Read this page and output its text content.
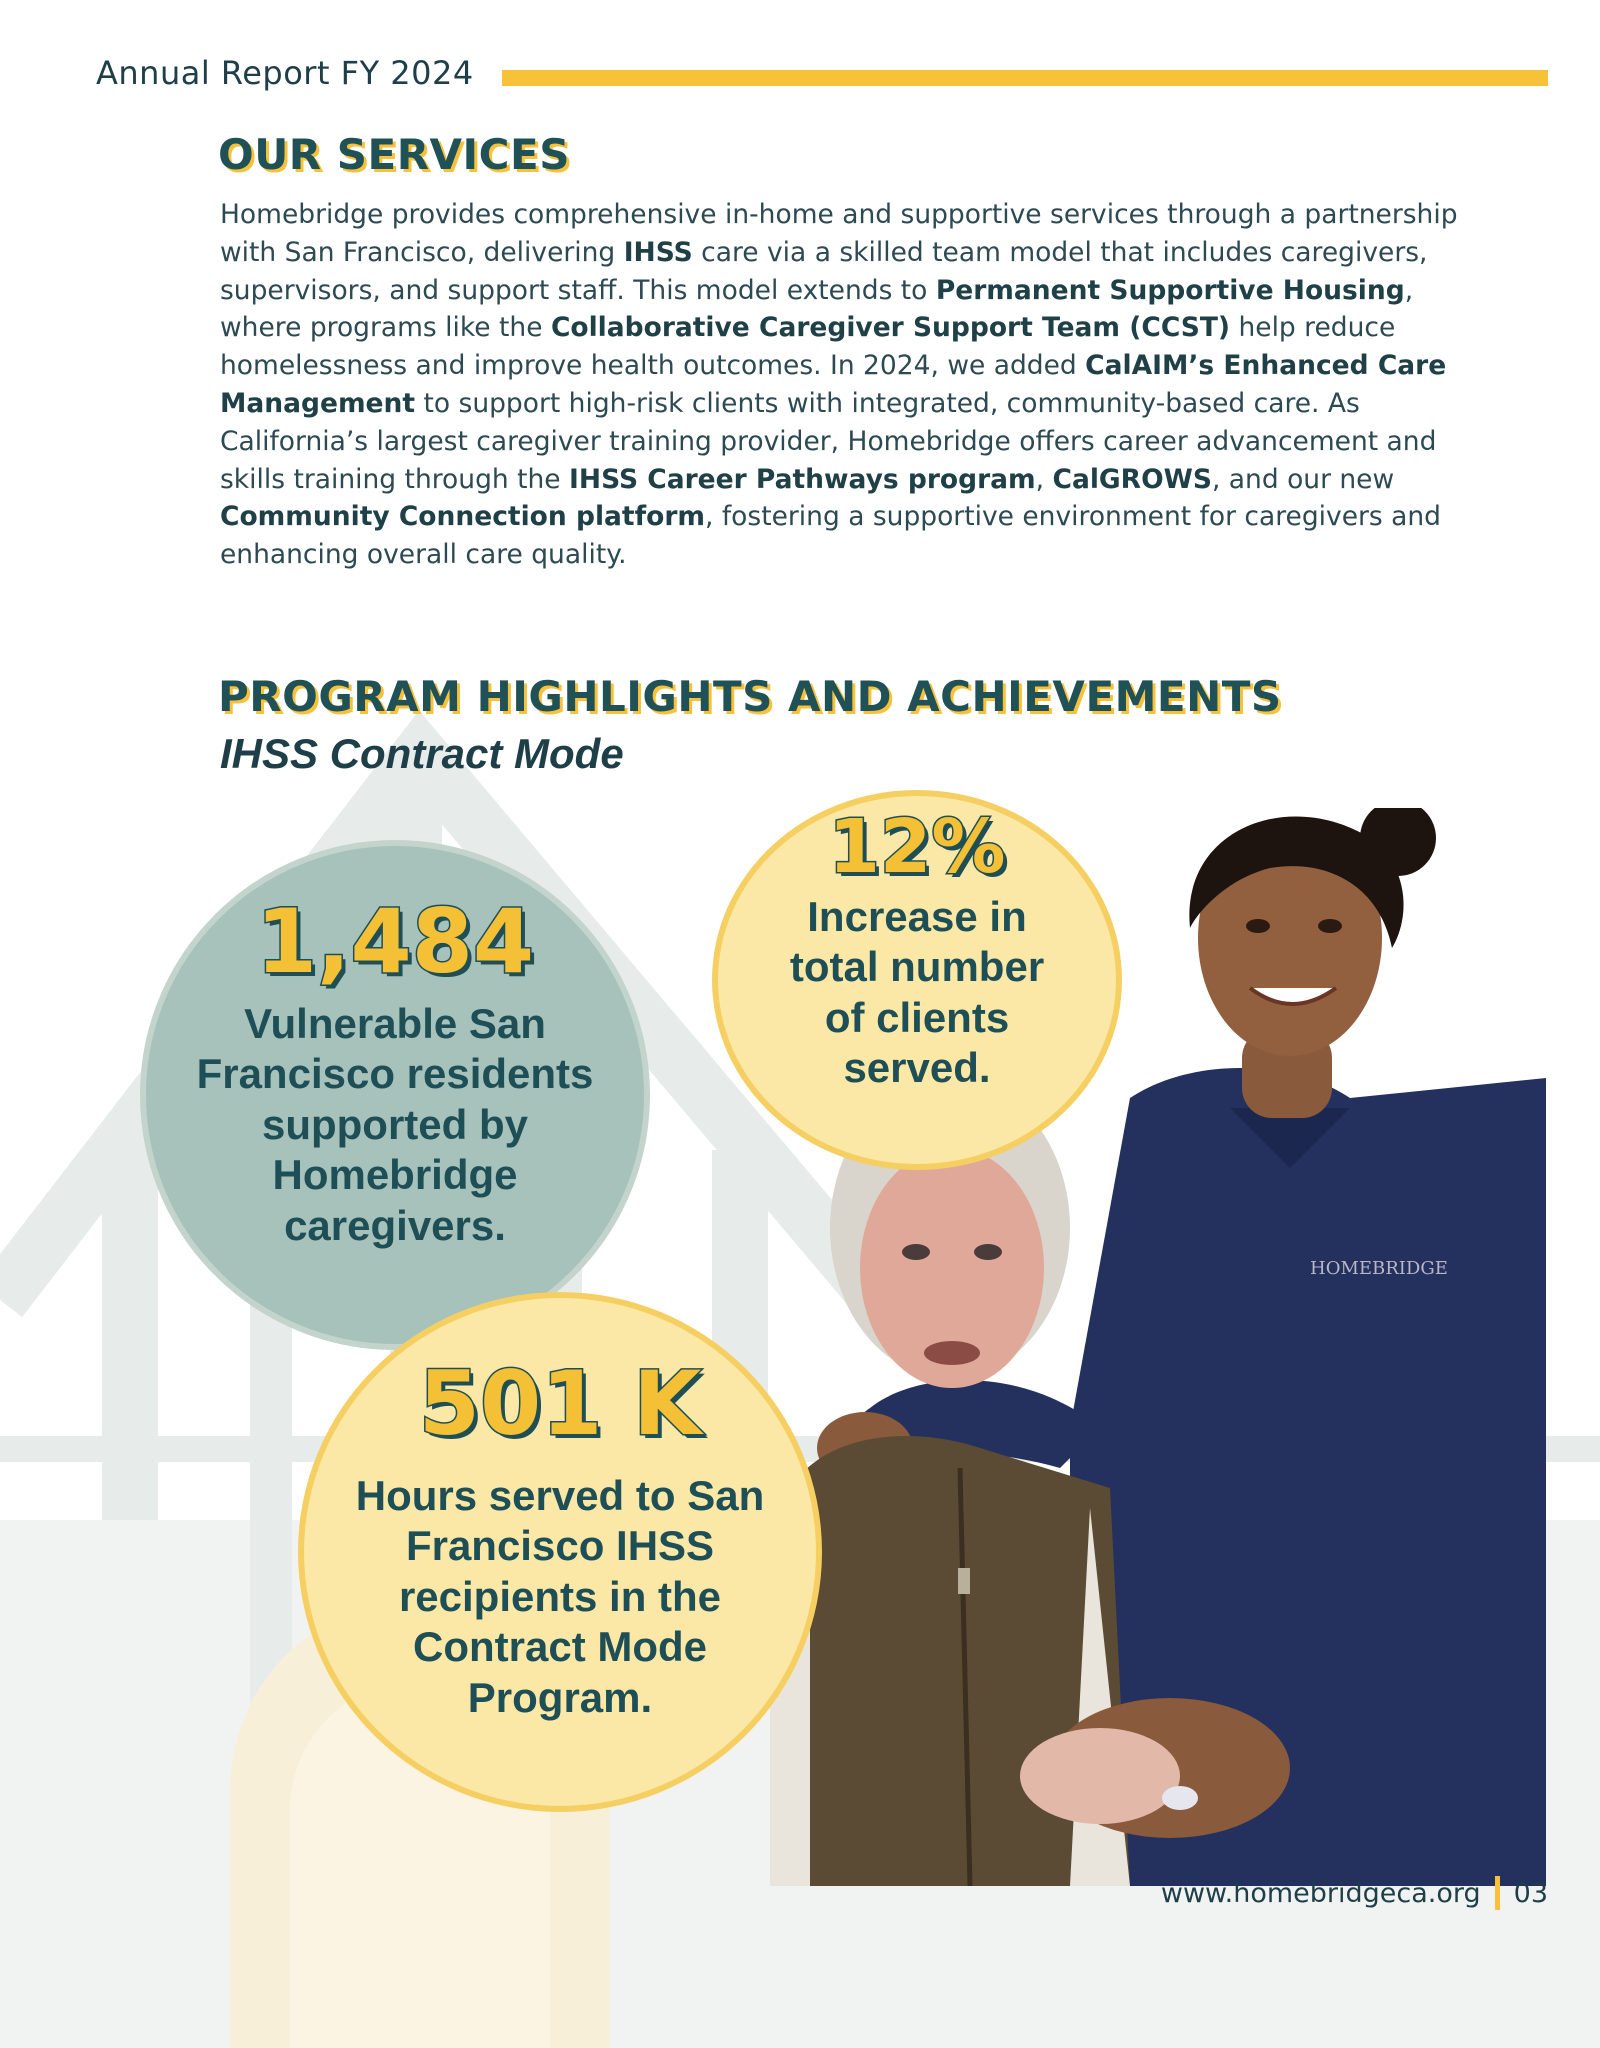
Annual Report FY 2024
OUR SERVICES

Homebridge provides comprehensive in-home and supportive services through a partnership with San Francisco, delivering IHSS care via a skilled team model that includes caregivers, supervisors, and support staff. This model extends to Permanent Supportive Housing, where programs like the Collaborative Caregiver Support Team (CCST) help reduce homelessness and improve health outcomes. In 2024, we added CalAIM’s Enhanced Care Management to support high-risk clients with integrated, community-based care. As California’s largest caregiver training provider, Homebridge offers career advancement and skills training through the IHSS Career Pathways program, CalGROWS, and our new Community Connection platform, fostering a supportive environment for caregivers and enhancing overall care quality.

PROGRAM HIGHLIGHTS AND ACHIEVEMENTS
IHSS Contract Mode
HOMEBRIDGE
12%
Increase in total number of clients served.
1,484
Vulnerable San Francisco residents supported by Homebridge caregivers.
501 K
Hours served to San Francisco IHSS recipients in the Contract Mode Program.
www.homebridgeca.org 03
